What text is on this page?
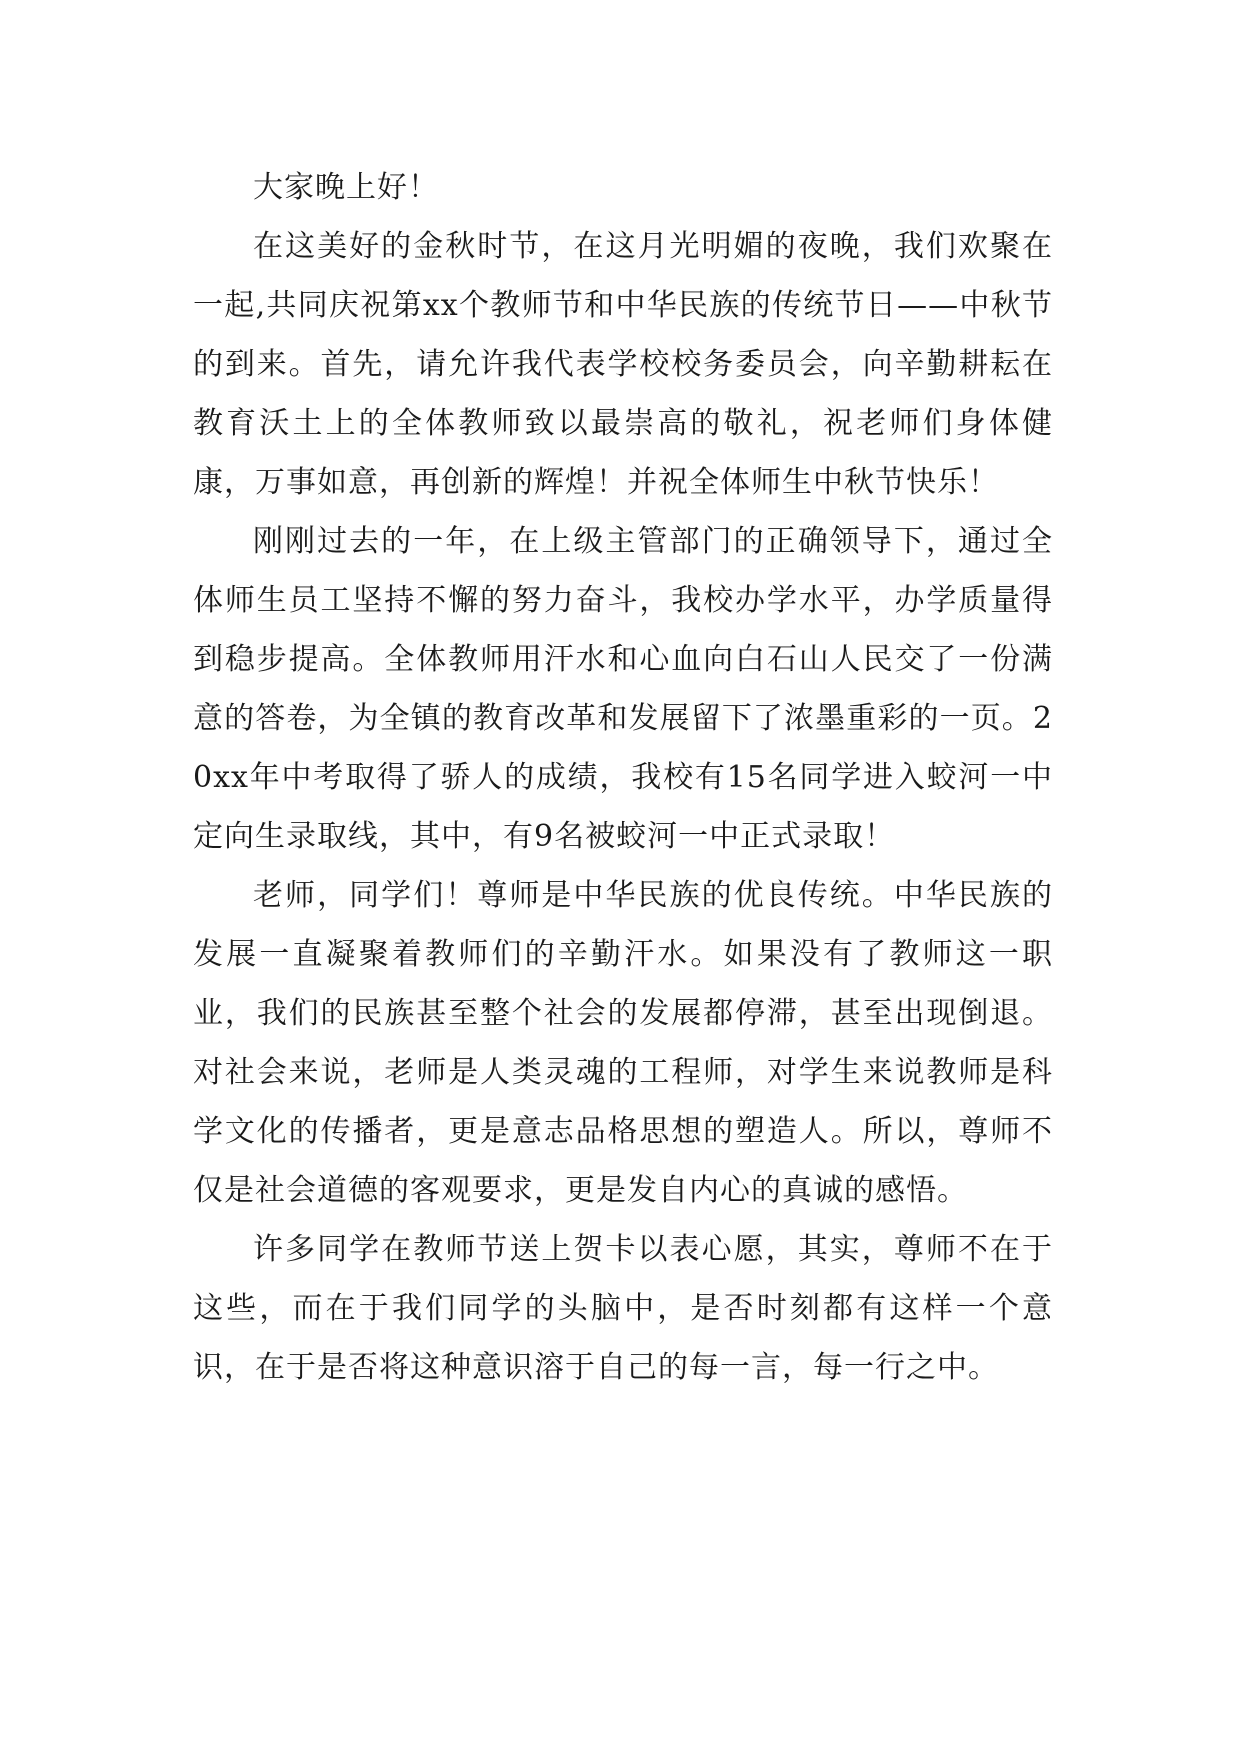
大家晚上好！

在这美好的金秋时节，在这月光明媚的夜晚，我们欢聚在一起,共同庆祝第xx个教师节和中华民族的传统节日——中秋节的到来。首先，请允许我代表学校校务委员会，向辛勤耕耘在教育沃土上的全体教师致以最崇高的敬礼，祝老师们身体健康，万事如意，再创新的辉煌！并祝全体师生中秋节快乐！

刚刚过去的一年，在上级主管部门的正确领导下，通过全体师生员工坚持不懈的努力奋斗，我校办学水平，办学质量得到稳步提高。全体教师用汗水和心血向白石山人民交了一份满意的答卷，为全镇的教育改革和发展留下了浓墨重彩的一页。20xx年中考取得了骄人的成绩，我校有15名同学进入蛟河一中定向生录取线，其中，有9名被蛟河一中正式录取！

老师，同学们！尊师是中华民族的优良传统。中华民族的发展一直凝聚着教师们的辛勤汗水。如果没有了教师这一职业，我们的民族甚至整个社会的发展都停滞，甚至出现倒退。对社会来说，老师是人类灵魂的工程师，对学生来说教师是科学文化的传播者，更是意志品格思想的塑造人。所以，尊师不仅是社会道德的客观要求，更是发自内心的真诚的感悟。

许多同学在教师节送上贺卡以表心愿，其实，尊师不在于这些，而在于我们同学的头脑中，是否时刻都有这样一个意识，在于是否将这种意识溶于自己的每一言，每一行之中。
